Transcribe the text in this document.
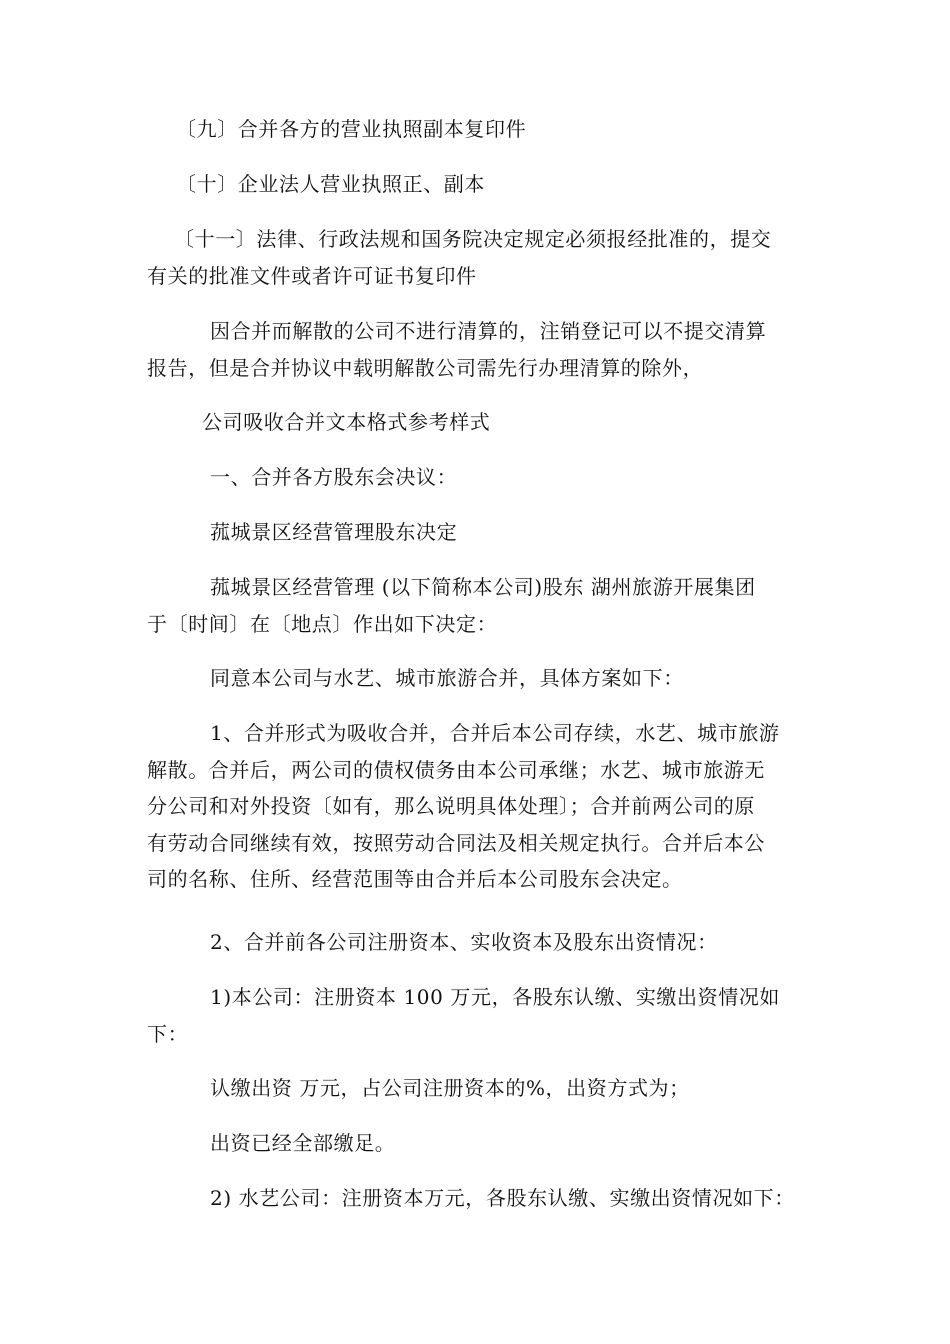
〔九〕合并各方的营业执照副本复印件

〔十〕企业法人营业执照正、副本

〔十一〕法律、行政法规和国务院决定规定必须报经批准的，提交
有关的批准文件或者许可证书复印件

因合并而解散的公司不进行清算的，注销登记可以不提交清算
报告，但是合并协议中载明解散公司需先行办理清算的除外，

公司吸收合并文本格式参考样式

一、合并各方股东会决议：

菰城景区经营管理股东决定

菰城景区经营管理 (以下简称本公司)股东 湖州旅游开展集团
于〔时间〕在〔地点〕作出如下决定：

同意本公司与水艺、城市旅游合并，具体方案如下：

1、合并形式为吸收合并，合并后本公司存续，水艺、城市旅游
解散。合并后，两公司的债权债务由本公司承继；水艺、城市旅游无
分公司和对外投资〔如有，那么说明具体处理〕；合并前两公司的原
有劳动合同继续有效，按照劳动合同法及相关规定执行。合并后本公
司的名称、住所、经营范围等由合并后本公司股东会决定。

2、合并前各公司注册资本、实收资本及股东出资情况：

1)本公司：注册资本 100 万元，各股东认缴、实缴出资情况如
下：

认缴出资 万元，占公司注册资本的%，出资方式为；

出资已经全部缴足。

2) 水艺公司：注册资本万元，各股东认缴、实缴出资情况如下：
